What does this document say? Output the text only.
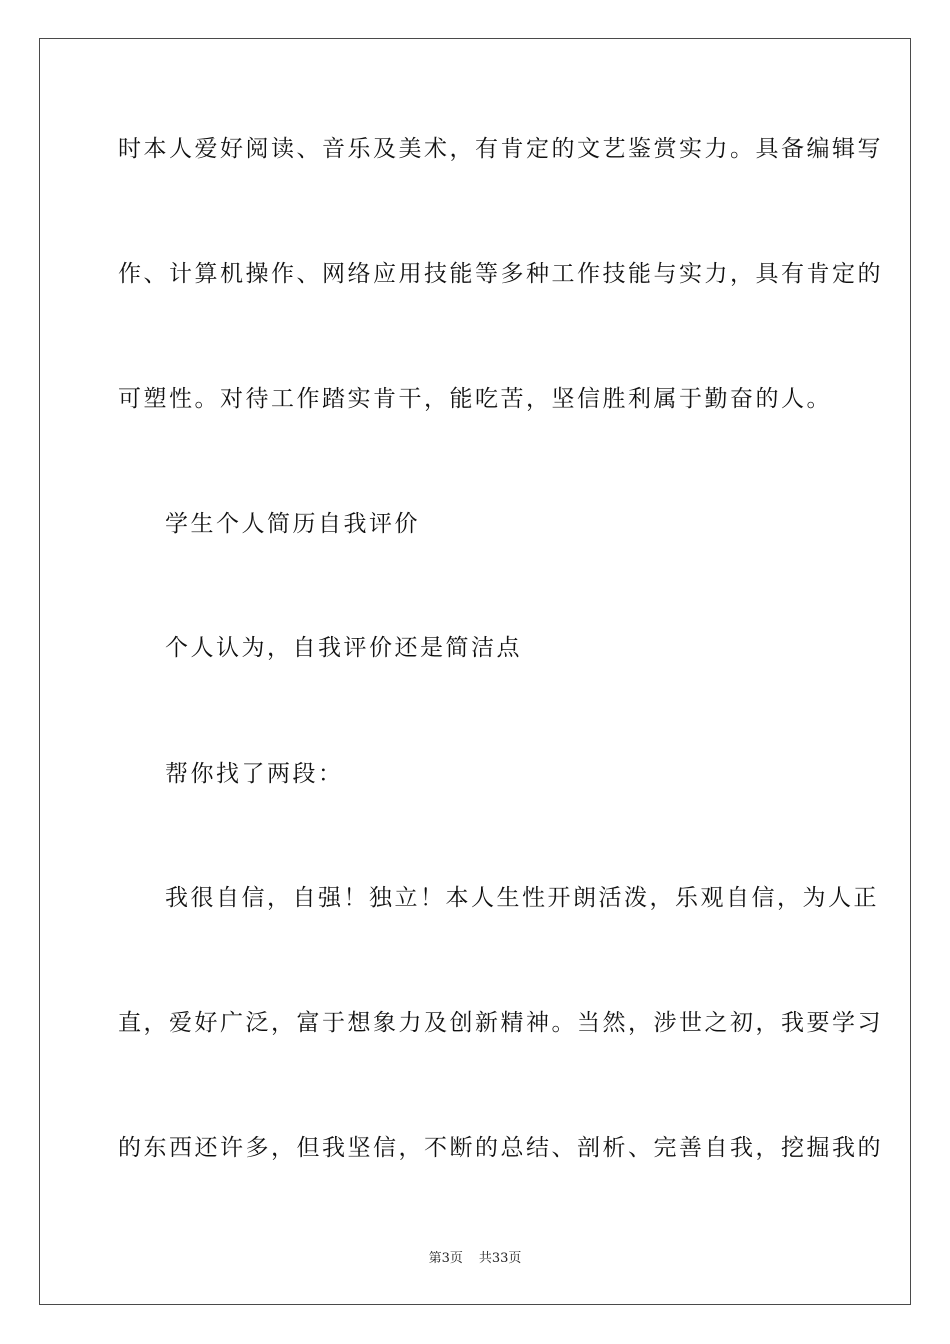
时本人爱好阅读、音乐及美术，有肯定的文艺鉴赏实力。具备编辑写
作、计算机操作、网络应用技能等多种工作技能与实力，具有肯定的
可塑性。对待工作踏实肯干，能吃苦，坚信胜利属于勤奋的人。
学生个人简历自我评价
个人认为，自我评价还是简洁点
帮你找了两段：
我很自信，自强！独立！本人生性开朗活泼，乐观自信，为人正
直，爱好广泛，富于想象力及创新精神。当然，涉世之初，我要学习
的东西还许多，但我坚信，不断的总结、剖析、完善自我，挖掘我的
第3页 共33页
